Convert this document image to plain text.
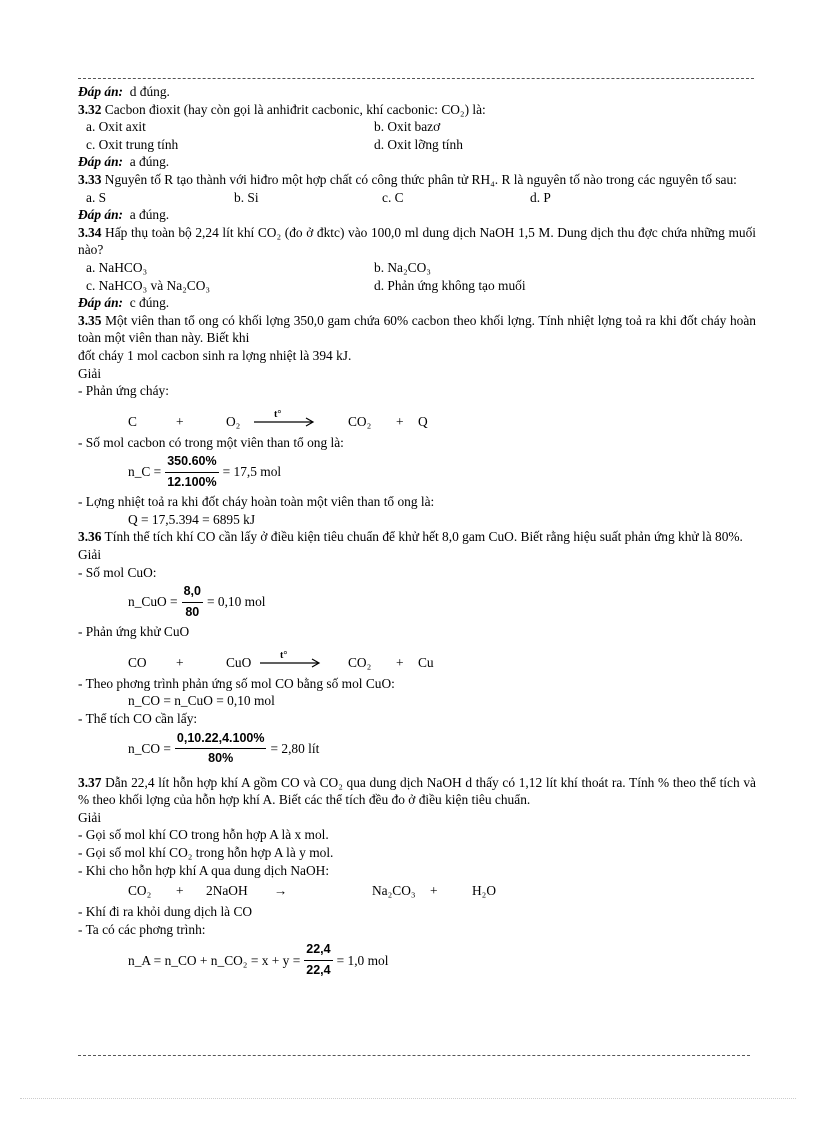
Đáp án: d đúng.

3.32 Cacbon đioxit (hay còn gọi là anhiđrit cacbonic, khí cacbonic: CO₂) là:

a. Oxit axit	b. Oxit bazơ
c. Oxit trung tính	d. Oxit lỡng tính

Đáp án: a đúng.

3.33 Nguyên tố R tạo thành với hiđro một hợp chất có công thức phân tử RH₄. R là nguyên tố nào trong các nguyên tố sau:

a. S	b. Si	c. C	d. P

Đáp án: a đúng.

3.34 Hấp thụ toàn bộ 2,24 lít khí CO₂ (đo ở đktc) vào 100,0 ml dung dịch NaOH 1,5 M. Dung dịch thu đợc chứa những muối nào?

a. NaHCO₃	b. Na₂CO₃
c. NaHCO₃ và Na₂CO₃	d. Phản ứng không tạo muối

Đáp án: c đúng.

3.35 Một viên than tổ ong có khối lợng 350,0 gam chứa 60% cacbon theo khối lợng. Tính nhiệt lợng toả ra khi đốt cháy hoàn toàn một viên than này. Biết khi

đốt cháy 1 mol cacbon sinh ra lợng nhiệt là 394 kJ.

Giải

- Phản ứng cháy:

C	+	O₂	t°	CO₂	+	Q

- Số mol cacbon có trong một viên than tổ ong là:

n_C = $\frac{350.60\%}{12.100\%} = 17,5$ mol

- Lợng nhiệt toả ra khi đốt cháy hoàn toàn một viên than tổ ong là:

Q = 17,5.394 = 6895 kJ

3.36 Tính thể tích khí CO cần lấy ở điều kiện tiêu chuẩn để khử hết 8,0 gam CuO. Biết rằng hiệu suất phản ứng khử là 80%.

Giải

- Số mol CuO:

n_CuO = $\frac{8,0}{80} = 0,10$ mol

- Phản ứng khử CuO

CO	+	CuO	t°	CO₂	+	Cu

- Theo phơng trình phản ứng số mol CO bằng số mol CuO:

n_CO = n_CuO = 0,10 mol

- Thể tích CO cần lấy:

n_CO = $\frac{0,10.22,4.100\%}{80\%} = 2,80$ lít

3.37 Dẫn 22,4 lít hỗn hợp khí A gồm CO và CO₂ qua dung dịch NaOH d thấy có 1,12 lít khí thoát ra. Tính % theo thể tích và % theo khối lợng của hỗn hợp khí A. Biết các thể tích đều đo ở điều kiện tiêu chuẩn.

Giải

- Gọi số mol khí CO trong hỗn hợp A là x mol.

- Gọi số mol khí CO₂ trong hỗn hợp A là y mol.

- Khi cho hỗn hợp khí A qua dung dịch NaOH:

CO₂	+	2NaOH	→	Na₂CO₃	+	H₂O

- Khí đi ra khỏi dung dịch là CO

- Ta có các phơng trình:

n_A = n_CO + n_CO₂ = $x + y = \frac{22,4}{22,4} = 1,0$ mol
